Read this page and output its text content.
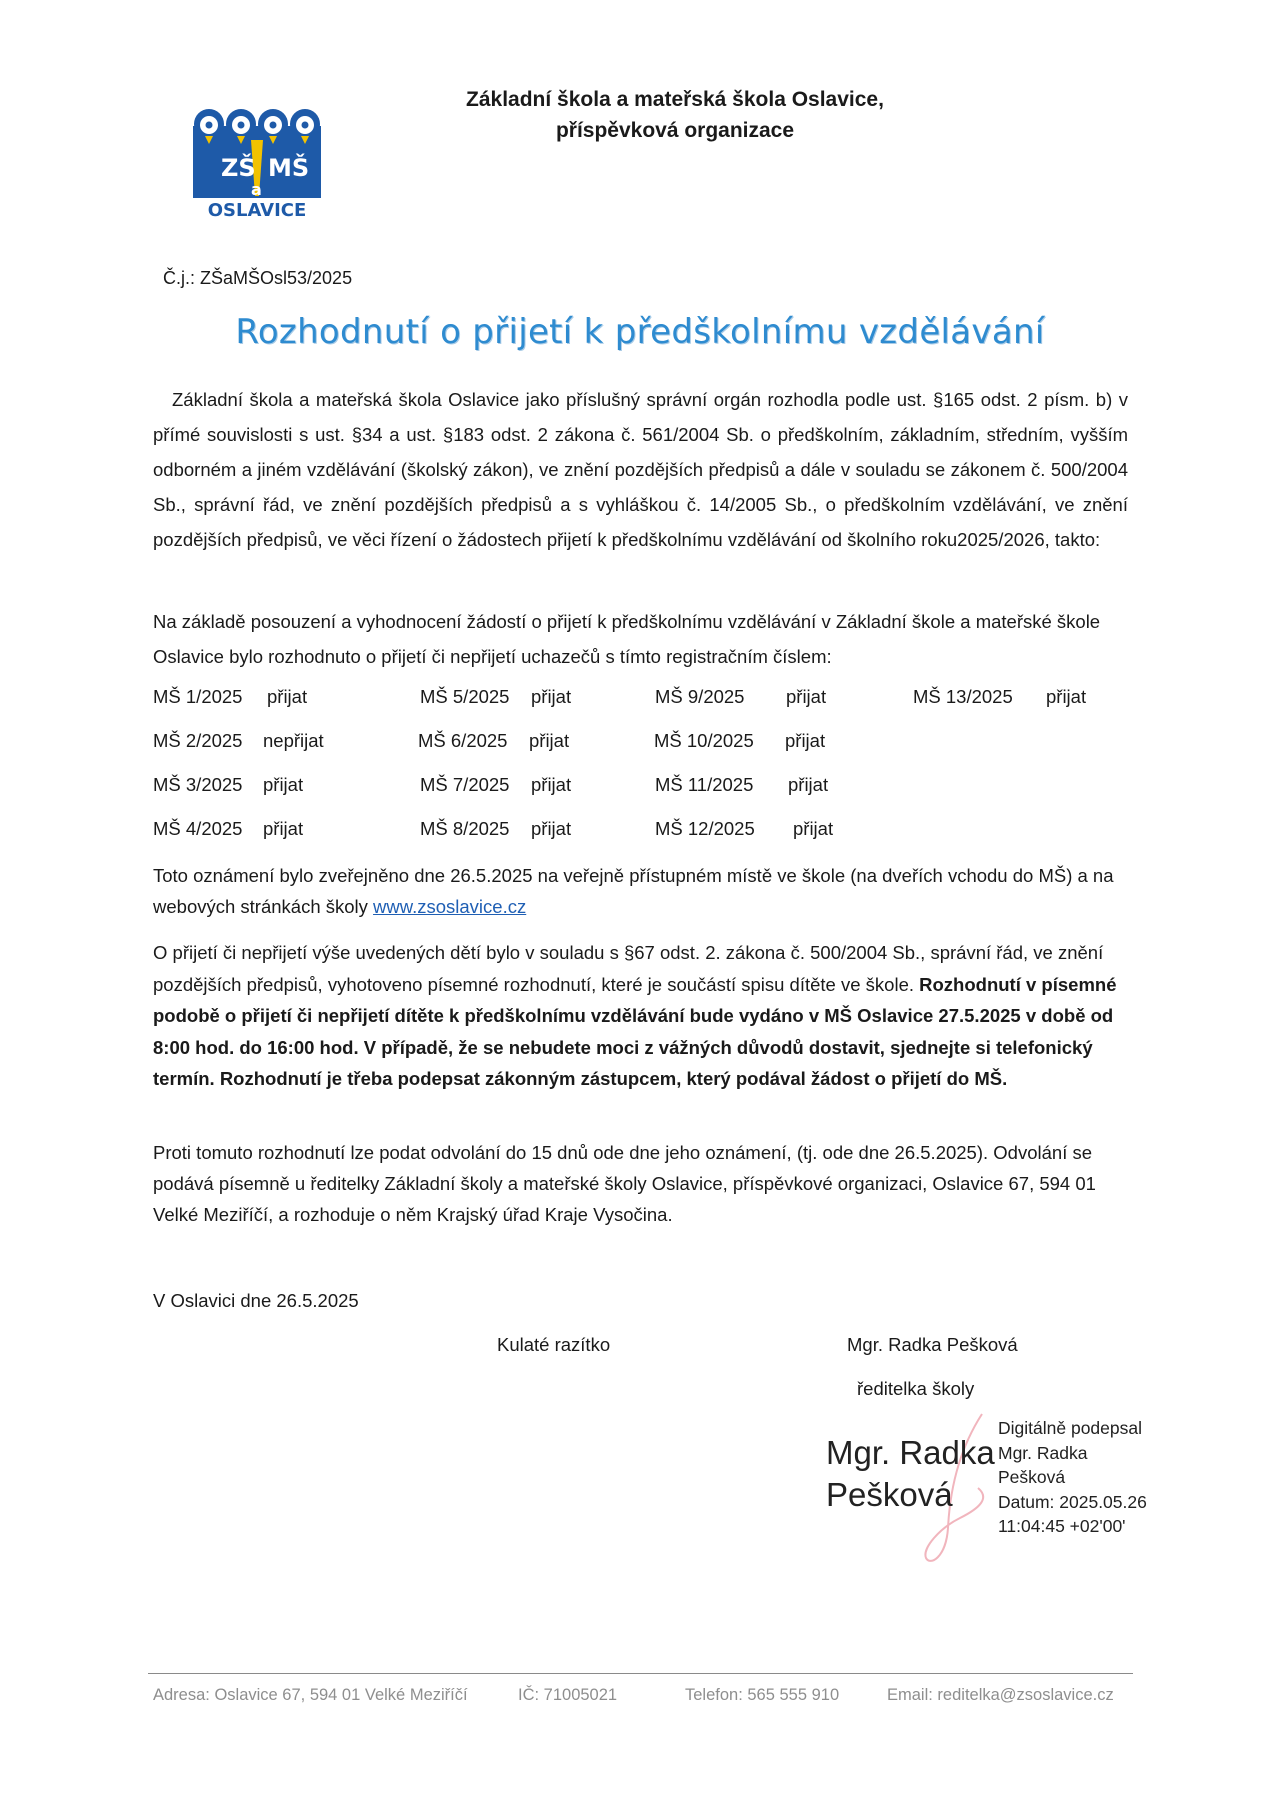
ZŠ MŠ
a
OSLAVICE
Základní škola a mateřská škola Oslavice,
příspěvková organizace
Č.j.: ZŠaMŠOsl53/2025
Rozhodnutí o přijetí k předškolnímu vzdělávání
Základní škola a mateřská škola Oslavice jako příslušný správní orgán rozhodla podle ust. §165 odst. 2 písm. b) v přímé souvislosti s ust. §34 a ust. §183 odst. 2 zákona č. 561/2004 Sb. o předškolním, základním, středním, vyšším odborném a jiném vzdělávání (školský zákon), ve znění pozdějších předpisů a dále v souladu se zákonem č. 500/2004 Sb., správní řád, ve znění pozdějších předpisů a s vyhláškou č. 14/2005 Sb., o předškolním vzdělávání, ve znění pozdějších předpisů, ve věci řízení o žádostech přijetí k předškolnímu vzdělávání od školního roku2025/2026, takto:
Na základě posouzení a vyhodnocení žádostí o přijetí k předškolnímu vzdělávání v Základní škole a mateřské škole Oslavice bylo rozhodnuto o přijetí či nepřijetí uchazečů s tímto registračním číslem:
MŠ 1/2025 přijat	MŠ 5/2025 přijat	MŠ 9/2025 přijat	MŠ 13/2025 přijat
MŠ 2/2025 nepřijat	MŠ 6/2025 přijat	MŠ 10/2025 přijat
MŠ 3/2025 přijat	MŠ 7/2025 přijat	MŠ 11/2025 přijat
MŠ 4/2025 přijat	MŠ 8/2025 přijat	MŠ 12/2025 přijat
Toto oznámení bylo zveřejněno dne 26.5.2025 na veřejně přístupném místě ve škole (na dveřích vchodu do MŠ) a na webových stránkách školy www.zsoslavice.cz
O přijetí či nepřijetí výše uvedených dětí bylo v souladu s §67 odst. 2. zákona č. 500/2004 Sb., správní řád, ve znění pozdějších předpisů, vyhotoveno písemné rozhodnutí, které je součástí spisu dítěte ve škole. Rozhodnutí v písemné podobě o přijetí či nepřijetí dítěte k předškolnímu vzdělávání bude vydáno v MŠ Oslavice 27.5.2025 v době od 8:00 hod. do 16:00 hod. V případě, že se nebudete moci z vážných důvodů dostavit, sjednejte si telefonický termín. Rozhodnutí je třeba podepsat zákonným zástupcem, který podával žádost o přijetí do MŠ.
Proti tomuto rozhodnutí lze podat odvolání do 15 dnů ode dne jeho oznámení, (tj. ode dne 26.5.2025). Odvolání se podává písemně u ředitelky Základní školy a mateřské školy Oslavice, příspěvkové organizaci, Oslavice 67, 594 01 Velké Meziříčí, a rozhoduje o něm Krajský úřad Kraje Vysočina.
V Oslavici dne 26.5.2025
Kulaté razítko	Mgr. Radka Pešková
ředitelka školy
Mgr. Radka
Pešková
Digitálně podepsal
Mgr. Radka
Pešková
Datum: 2025.05.26
11:04:45 +02'00'
Adresa: Oslavice 67, 594 01 Velké Meziříčí	IČ: 71005021	Telefon: 565 555 910	Email: reditelka@zsoslavice.cz
